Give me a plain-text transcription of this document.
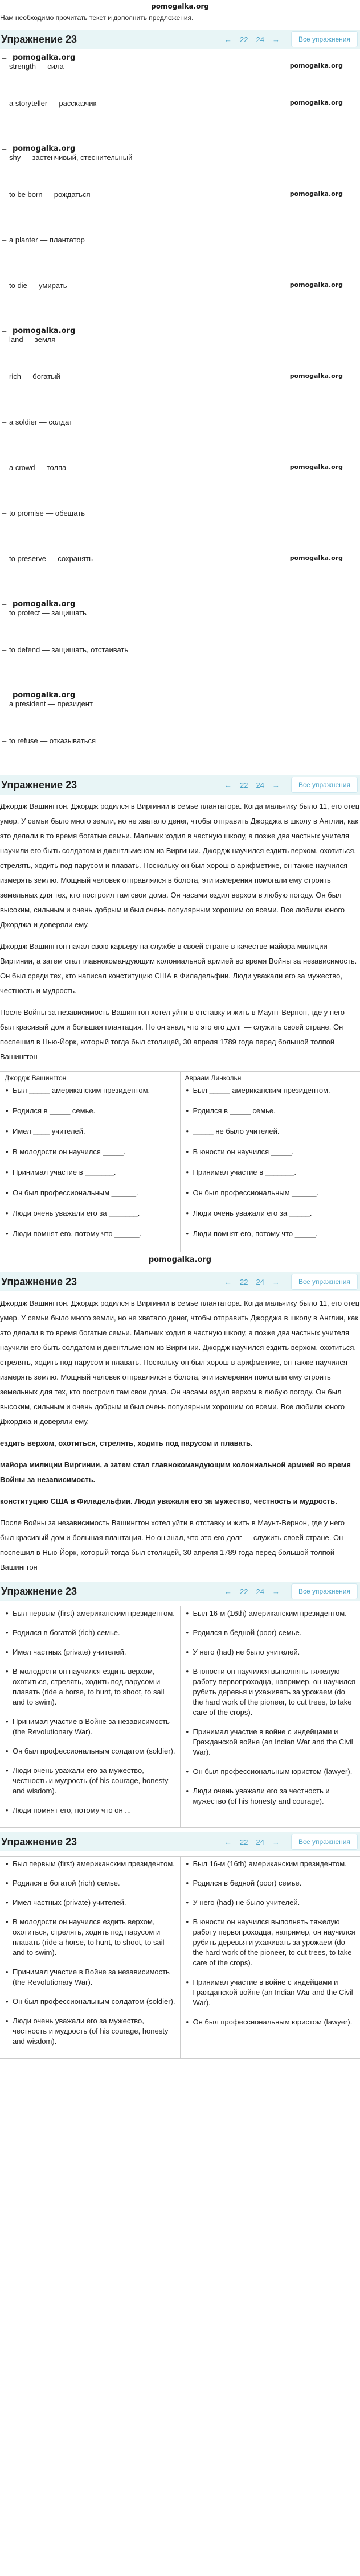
pomogalka.org
Нам необходимо прочитать текст и дополнить предложения.
Упражнение 23	← 22 24 →	Все упражнения
– pomogalka.org
strength — сила	pomogalka.org
– a storyteller — рассказчик	pomogalka.org
– pomogalka.org
shy — застенчивый, стеснительный
– to be born — рождаться	pomogalka.org
– a planter — плантатор
– to die — умирать	pomogalka.org
– pomogalka.org
land — земля
– rich — богатый	pomogalka.org
– a soldier — солдат
– a crowd — толпа	pomogalka.org
– to promise — обещать
– to preserve — сохранять	pomogalka.org
– pomogalka.org
to protect — защищать
– to defend — защищать, отстаивать
– pomogalka.org
a president — президент
– to refuse — отказываться
Упражнение 23	← 22 24 →	Все упражнения

Джордж Вашингтон. Джордж родился в Виргинии в семье плантатора. Когда мальчику было 11, его отец умер. У семьи было много земли, но не хватало денег, чтобы отправить Джорджа в школу в Англии, как это делали в то время богатые семьи. Мальчик ходил в частную школу, а позже два частных учителя научили его быть солдатом и джентльменом из Виргинии. Джордж научился ездить верхом, охотиться, стрелять, ходить под парусом и плавать. Поскольку он был хорош в арифметике, он также научился измерять землю. Мощный человек отправлялся в болота, эти измерения помогали ему строить земельных для тех, кто построил там свои дома. Он часами ездил верхом в любую погоду. Он был высоким, сильным и очень добрым и был очень популярным хорошим со всеми. Все любили юного Джорджа и доверяли ему.

Джордж Вашингтон начал свою карьеру на службе в своей стране в качестве майора милиции Виргинии, а затем стал главнокомандующим колониальной армией во время Войны за независимость. Он был среди тех, кто написал конституцию США в Филадельфии. Люди уважали его за мужество, честность и мудрость.

После Войны за независимость Вашингтон хотел уйти в отставку и жить в Маунт-Вернон, где у него был красивый дом и большая плантация. Но он знал, что это его долг — служить своей стране. Он поспешил в Нью-Йорк, который тогда был столицей, 30 апреля 1789 года перед большой толпой Вашингтон

Джордж Вашингтон
• Был _____ американским президентом.
• Родился в _____ семье.
• Имел ____ учителей.
• В молодости он научился _____.
• Принимал участие в _______.
• Он был профессиональным ______.
• Люди очень уважали его за _______.
• Люди помнят его, потому что ______.
Авраам Линкольн
• Был _____ американским президентом.
• Родился в _____ семье.
• _____ не было учителей.
• В юности он научился _____.
• Принимал участие в _______.
• Он был профессиональным ______.
• Люди очень уважали его за _____.
• Люди помнят его, потому что _____.
pomogalka.org
Упражнение 23	← 22 24 →	Все упражнения

Джордж Вашингтон. Джордж родился в Виргинии в семье плантатора. Когда мальчику было 11, его отец умер. У семьи было много земли, но не хватало денег, чтобы отправить Джорджа в школу в Англии, как это делали в то время богатые семьи. Мальчик ходил в частную школу, а позже два частных учителя научили его быть солдатом и джентльменом из Виргинии. Джордж научился ездить верхом, охотиться, стрелять, ходить под парусом и плавать. Поскольку он был хорош в арифметике, он также научился измерять землю. Мощный человек отправлялся в болота, эти измерения помогали ему строить земельных для тех, кто построил там свои дома. Он часами ездил верхом в любую погоду. Он был высоким, сильным и очень добрым и был очень популярным хорошим со всеми. Все любили юного Джорджа и доверяли ему.

ездить верхом, охотиться, стрелять, ходить под парусом и плавать.

майора милиции Виргинии, а затем стал главнокомандующим колониальной армией во время Войны за независимость.

конституцию США в Филадельфии. Люди уважали его за мужество, честность и мудрость.

После Войны за независимость Вашингтон хотел уйти в отставку и жить в Маунт-Вернон, где у него был красивый дом и большая плантация. Но он знал, что это его долг — служить своей стране. Он поспешил в Нью-Йорк, который тогда был столицей, 30 апреля 1789 года перед большой толпой Вашингтон

Упражнение 23	← 22 24 →	Все упражнения
• Был первым (first) американским президентом.
• Родился в богатой (rich) семье.
• Имел частных (private) учителей.
• В молодости он научился ездить верхом, охотиться, стрелять, ходить под парусом и плавать (ride a horse, to hunt, to shoot, to sail and to swim).
• Принимал участие в Войне за независимость (the Revolutionary War).
• Он был профессиональным солдатом (soldier).
• Люди очень уважали его за мужество, честность и мудрость (of his courage, honesty and wisdom).
• Люди помнят его, потому что он ...
• Был 16-м (16th) американским президентом.
• Родился в бедной (poor) семье.
• У него (had) не было учителей.
• В юности он научился выполнять тяжелую работу первопроходца, например, он научился рубить деревья и ухаживать за урожаем (do the hard work of the pioneer, to cut trees, to take care of the crops).
• Принимал участие в войне с индейцами и Гражданской войне (an Indian War and the Civil War).
• Он был профессиональным юристом (lawyer).
• Люди очень уважали его за честность и мужество (of his honesty and courage).
Упражнение 23	← 22 24 →	Все упражнения
• Был первым (first) американским президентом.
• Родился в богатой (rich) семье.
• Имел частных (private) учителей.
• В молодости он научился ездить верхом, охотиться, стрелять, ходить под парусом и плавать (ride a horse, to hunt, to shoot, to sail and to swim).
• Принимал участие в Войне за независимость (the Revolutionary War).
• Он был профессиональным солдатом (soldier).
• Люди очень уважали его за мужество, честность и мудрость (of his courage, honesty and wisdom).
• Был 16-м (16th) американским президентом.
• Родился в бедной (poor) семье.
• У него (had) не было учителей.
• В юности он научился выполнять тяжелую работу первопроходца, например, он научился рубить деревья и ухаживать за урожаем (do the hard work of the pioneer, to cut trees, to take care of the crops).
• Принимал участие в войне с индейцами и Гражданской войне (an Indian War and the Civil War).
• Он был профессиональным юристом (lawyer).
